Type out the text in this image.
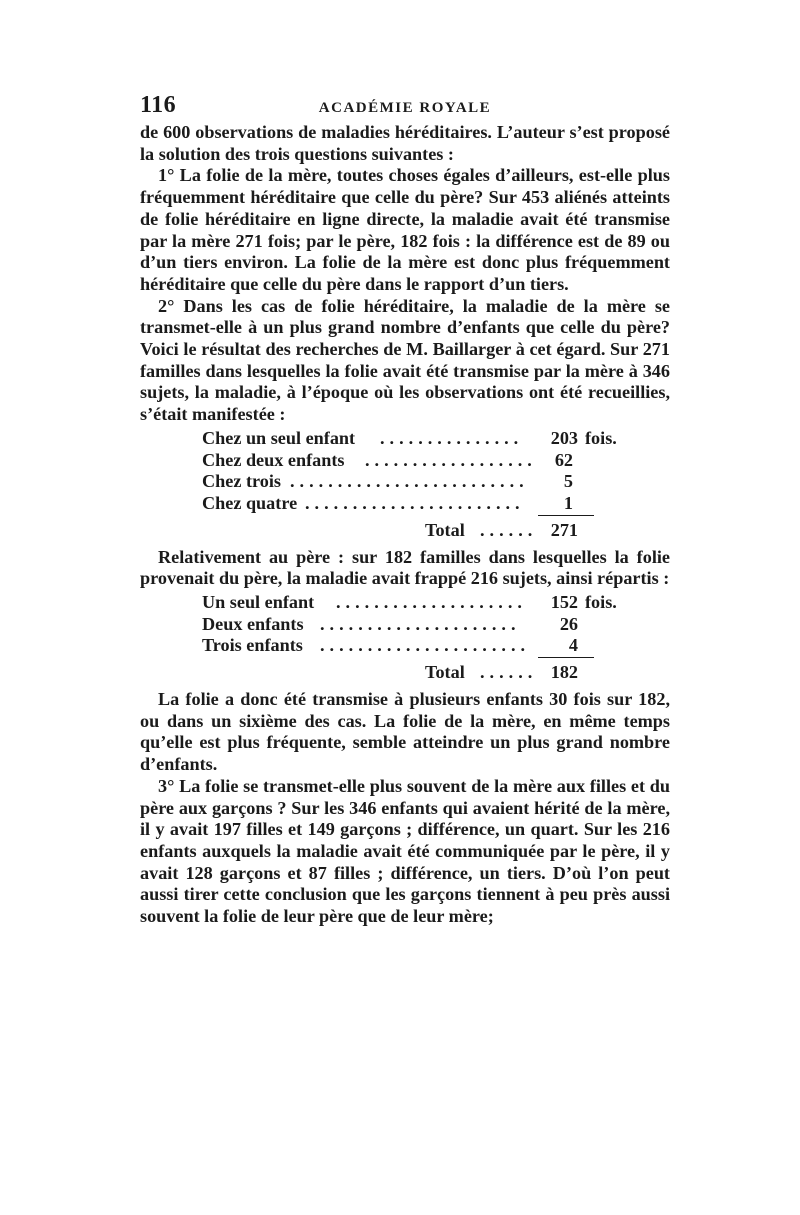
116	ACADÉMIE ROYALE

de 600 observations de maladies héréditaires. L’auteur s’est proposé la solution des trois questions suivantes :

1° La folie de la mère, toutes choses égales d’ailleurs, est-elle plus fréquemment héréditaire que celle du père? Sur 453 aliénés atteints de folie héréditaire en ligne directe, la maladie avait été transmise par la mère 271 fois; par le père, 182 fois : la différence est de 89 ou d’un tiers environ. La folie de la mère est donc plus fréquemment héréditaire que celle du père dans le rapport d’un tiers.

2° Dans les cas de folie héréditaire, la maladie de la mère se transmet-elle à un plus grand nombre d’enfants que celle du père? Voici le résultat des recherches de M. Baillarger à cet égard. Sur 271 familles dans lesquelles la folie avait été transmise par la mère à 346 sujets, la maladie, à l’époque où les observations ont été recueillies, s’était manifestée :

Chez un seul enfant ...............	203 fois.
Chez deux enfants .................. 62
Chez trois .........................	5
Chez quatre .......................	1
Total ...... 271

Relativement au père : sur 182 familles dans lesquelles la folie provenait du père, la maladie avait frappé 216 sujets, ainsi répartis :

Un seul enfant ....................	152 fois.
Deux enfants .....................	26
Trois enfants ......................	4
Total ...... 182

La folie a donc été transmise à plusieurs enfants 30 fois sur 182, ou dans un sixième des cas. La folie de la mère, en même temps qu’elle est plus fréquente, semble atteindre un plus grand nombre d’enfants.

3° La folie se transmet-elle plus souvent de la mère aux filles et du père aux garçons ? Sur les 346 enfants qui avaient hérité de la mère, il y avait 197 filles et 149 garçons ; différence, un quart. Sur les 216 enfants auxquels la maladie avait été communiquée par le père, il y avait 128 garçons et 87 filles ; différence, un tiers. D’où l’on peut aussi tirer cette conclusion que les garçons tiennent à peu près aussi souvent la folie de leur père que de leur mère;
